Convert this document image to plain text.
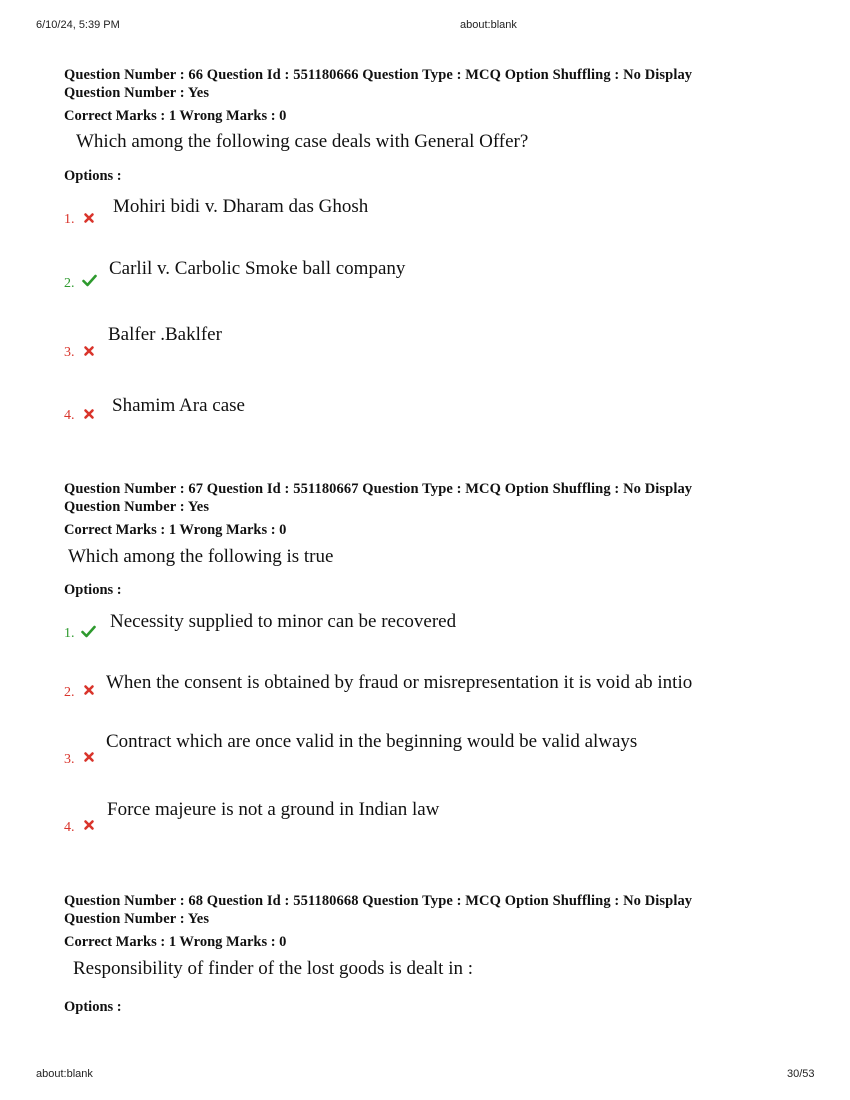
6/10/24, 5:39 PM	about:blank
Question Number : 66 Question Id : 551180666 Question Type : MCQ Option Shuffling : No Display
Question Number : Yes
Correct Marks : 1 Wrong Marks : 0
Which among the following case deals with General Offer?
Options :
1.
Mohiri bidi v. Dharam das Ghosh
2.
Carlil v. Carbolic Smoke ball company
3.
Balfer .Baklfer
4. Shamim Ara case
Question Number : 67 Question Id : 551180667 Question Type : MCQ Option Shuffling : No Display
Question Number : Yes
Correct Marks : 1 Wrong Marks : 0
Which among the following is true
Options :
1.
Necessity supplied to minor can be recovered
2. When the consent is obtained by fraud or misrepresentation it is void ab intio
3.
Contract which are once valid in the beginning would be valid always
4.
Force majeure is not a ground in Indian law
Question Number : 68 Question Id : 551180668 Question Type : MCQ Option Shuffling : No Display
Question Number : Yes
Correct Marks : 1 Wrong Marks : 0
Responsibility of finder of the lost goods is dealt in :
Options :
about:blank	30/53
